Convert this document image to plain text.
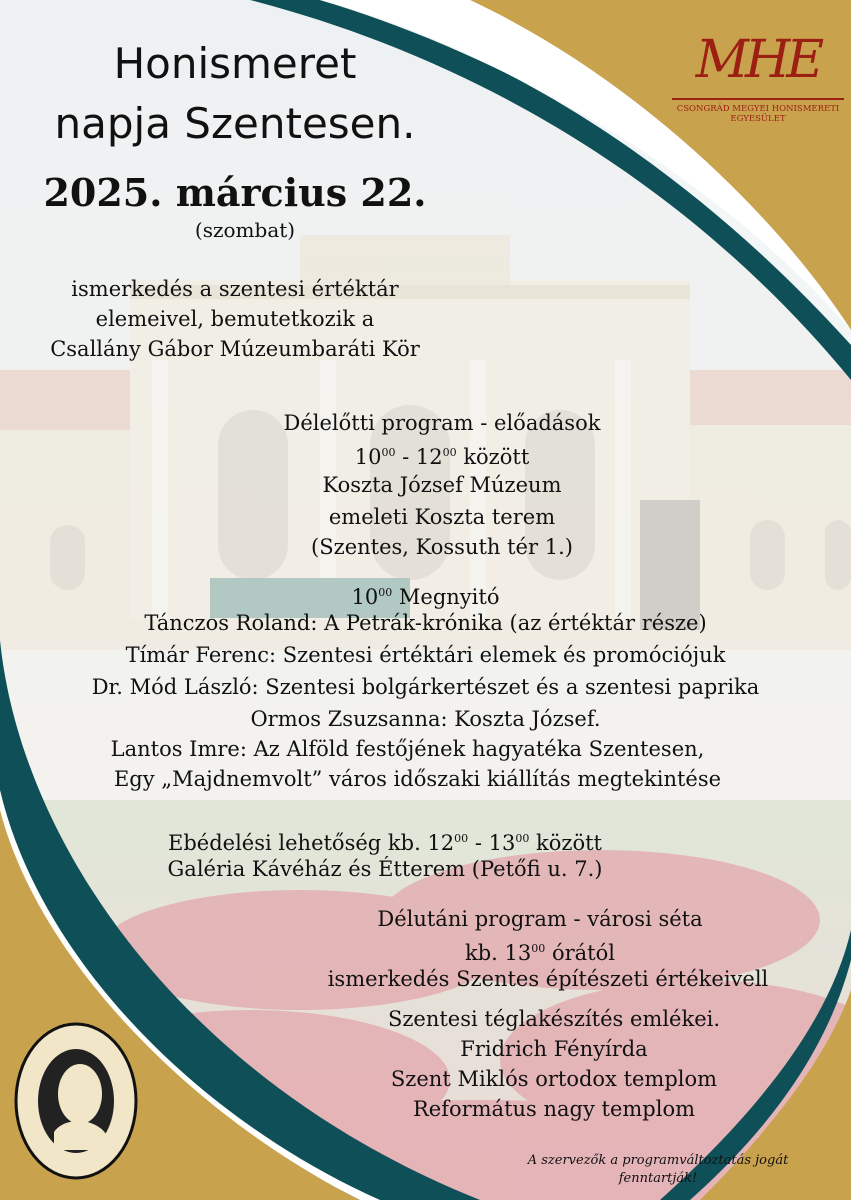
MHE
CSONGRÁD MEGYEI HONISMERETI
EGYESÜLET
Honismeret
napja Szentesen.
2025. március 22.
(szombat)
ismerkedés a szentesi értéktár
elemeivel, bemutetkozik a
Csallány Gábor Múzeumbaráti Kör
Délelőtti program - előadások
$10^{00} - 12^{00}$ között
Koszta József Múzeum
emeleti Koszta terem
(Szentes, Kossuth tér 1.)
$10^{00}$ Megnyitó
Tánczos Roland: A Petrák-krónika (az értéktár része)
Tímár Ferenc: Szentesi értéktári elemek és promóciójuk
Dr. Mód László: Szentesi bolgárkertészet és a szentesi paprika
Ormos Zsuzsanna: Koszta József.
Lantos Imre: Az Alföld festőjének hagyatéka Szentesen,
Egy „Majdnemvolt” város időszaki kiállítás megtekintése
Ebédelési lehetőség kb. $12^{00} - 13^{00}$ között
Galéria Kávéház és Étterem (Petőfi u. 7.)
Délutáni program - városi séta
kb. $13^{00}$ órától
ismerkedés Szentes építészeti értékeivell
Szentesi téglakészítés emlékei.
Fridrich Fényírda
Szent Miklós ortodox templom
Református nagy templom
A szervezők a programváltoztatás jogát
fenntartják!
